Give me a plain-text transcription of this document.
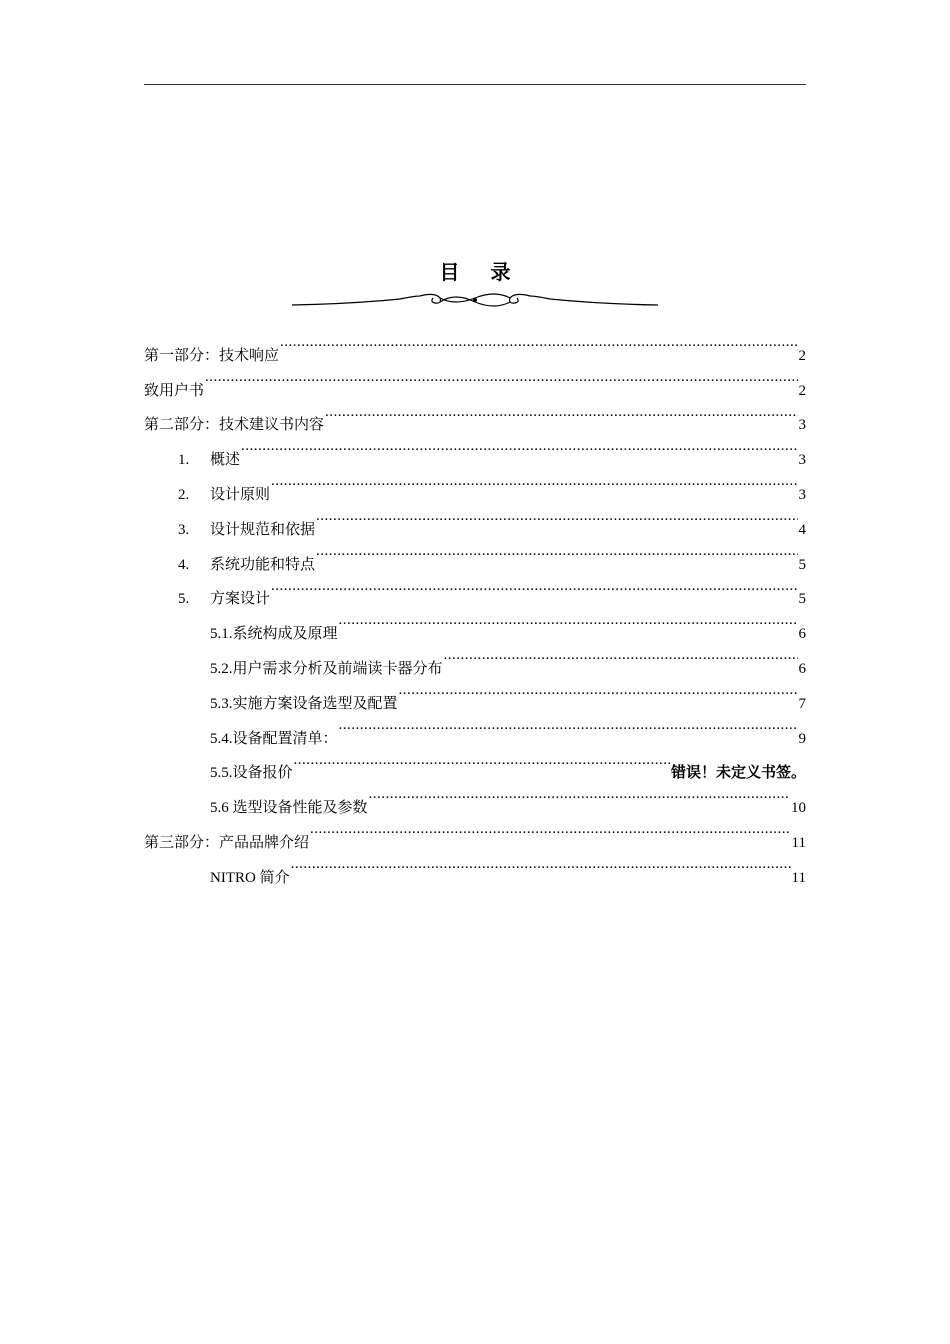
目 录
第一部分：技术响应 .....	2
致用户书 .....	2
第二部分：技术建议书内容 .....	3
1.	概述 .....	3
2.	设计原则 .....	3
3.	设计规范和依据 .....	4
4.	系统功能和特点 .....	5
5.	方案设计 .....	5
5.1.系统构成及原理 .....	6
5.2.用户需求分析及前端读卡器分布 .....	6
5.3.实施方案设备选型及配置 .....	7
5.4.设备配置清单： .....	9
5.5.设备报价 .....	错误！未定义书签。
5.6 选型设备性能及参数 .....	10
第三部分：产品品牌介绍 .....	11
NITRO 简介 .....	11
